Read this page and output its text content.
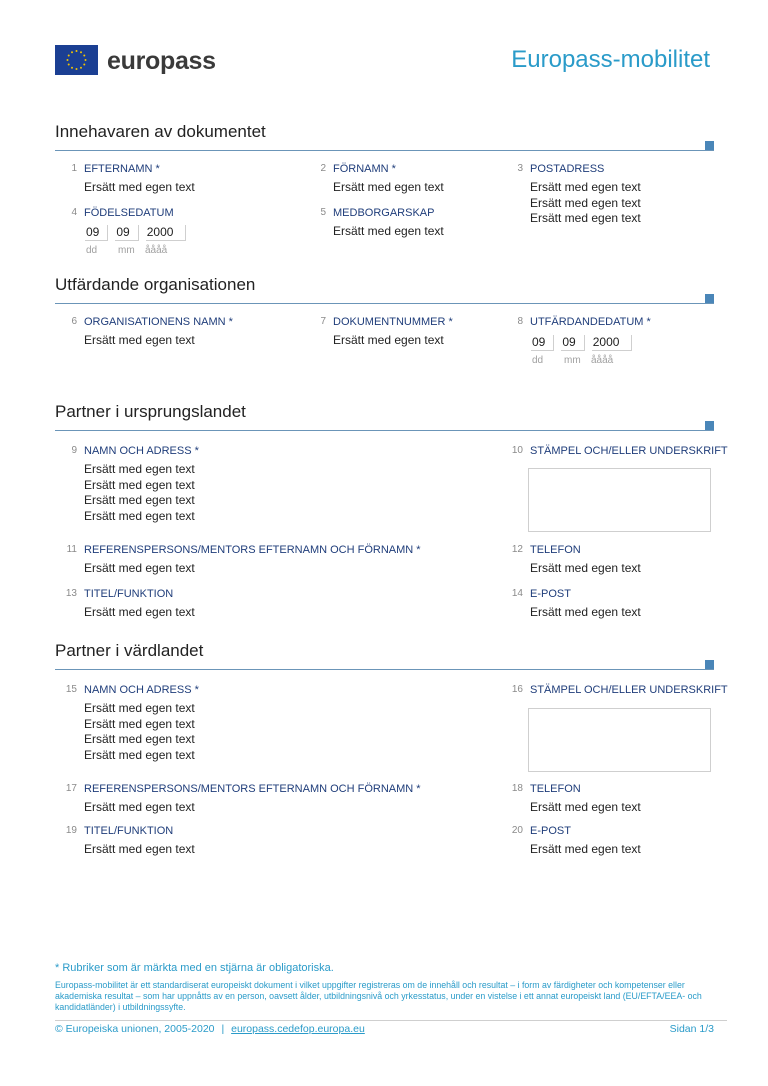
europass	Europass-mobilitet
Innehavaren av dokumentet
1 EFTERNAMN *
Ersätt med egen text
2 FÖRNAMN *
Ersätt med egen text
3 POSTADRESS
Ersätt med egen text
Ersätt med egen text
Ersätt med egen text
4 FÖDELSEDATUM
09	09	2000
dd	mm	åååå
5 MEDBORGARSKAP
Ersätt med egen text
Utfärdande organisationen
6 ORGANISATIONENS NAMN *
Ersätt med egen text
7 DOKUMENTNUMMER *
Ersätt med egen text
8 UTFÄRDANDEDATUM *
09	09	2000
dd	mm	åååå
Partner i ursprungslandet
9 NAMN OCH ADRESS *
Ersätt med egen text
Ersätt med egen text
Ersätt med egen text
Ersätt med egen text
10 STÄMPEL OCH/ELLER UNDERSKRIFT
11 REFERENSPERSONS/MENTORS EFTERNAMN OCH FÖRNAMN *
Ersätt med egen text
12 TELEFON
Ersätt med egen text
13 TITEL/FUNKTION
Ersätt med egen text
14 E-POST
Ersätt med egen text
Partner i värdlandet
15 NAMN OCH ADRESS *
Ersätt med egen text
Ersätt med egen text
Ersätt med egen text
Ersätt med egen text
16 STÄMPEL OCH/ELLER UNDERSKRIFT
17 REFERENSPERSONS/MENTORS EFTERNAMN OCH FÖRNAMN *
Ersätt med egen text
18 TELEFON
Ersätt med egen text
19 TITEL/FUNKTION
Ersätt med egen text
20 E-POST
Ersätt med egen text
* Rubriker som är märkta med en stjärna är obligatoriska.
Europass-mobilitet är ett standardiserat europeiskt dokument i vilket uppgifter registreras om de innehåll och resultat – i form av färdigheter och kompetenser eller akademiska resultat – som har uppnåtts av en person, oavsett ålder, utbildningsnivå och yrkesstatus, under en vistelse i ett annat europeiskt land (EU/EFTA/EEA- och kandidatländer) i utbildningssyfte.
© Europeiska unionen, 2005-2020 | europass.cedefop.europa.eu	Sidan 1/3
